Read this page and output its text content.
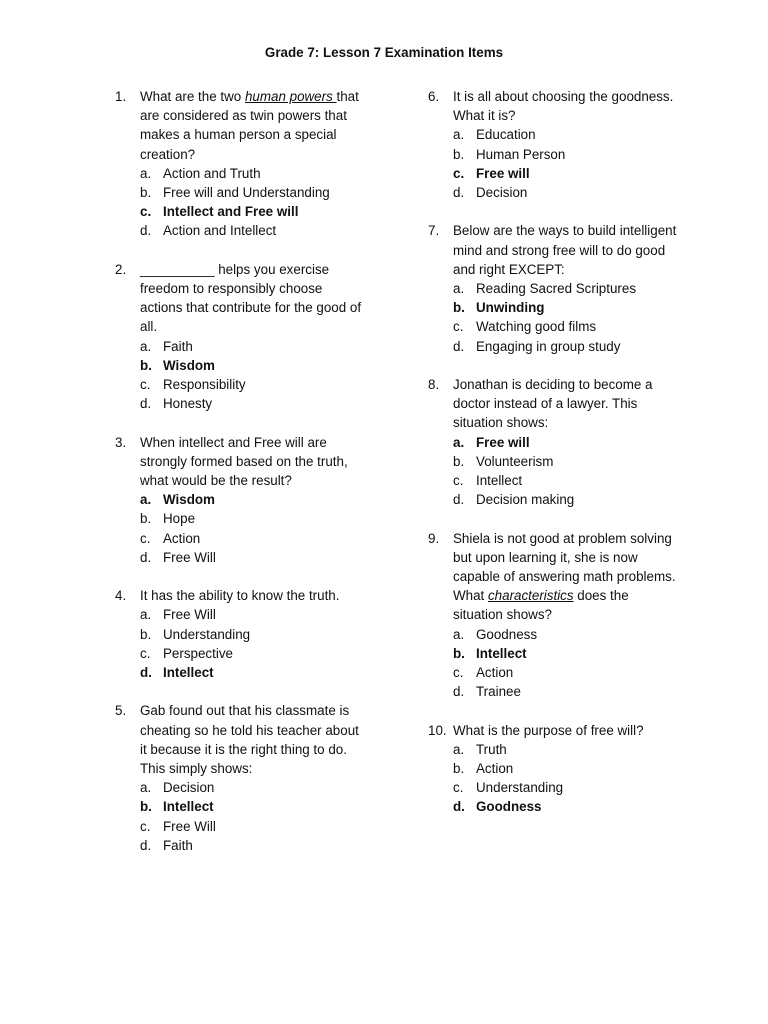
Grade 7: Lesson 7 Examination Items
1.	What are the two human powers that are considered as twin powers that makes a human person a special creation?
a. Action and Truth
b. Free will and Understanding
c. Intellect and Free will
d. Action and Intellect
2.	__________ helps you exercise freedom to responsibly choose actions that contribute for the good of all.
a. Faith
b. Wisdom
c. Responsibility
d. Honesty
3.	When intellect and Free will are strongly formed based on the truth, what would be the result?
a. Wisdom
b. Hope
c. Action
d. Free Will
4.	It has the ability to know the truth.
a. Free Will
b. Understanding
c. Perspective
d. Intellect
5.	Gab found out that his classmate is cheating so he told his teacher about it because it is the right thing to do. This simply shows:
a. Decision
b. Intellect
c. Free Will
d. Faith
6.	It is all about choosing the goodness. What it is?
a. Education
b. Human Person
c. Free will
d. Decision
7.	Below are the ways to build intelligent mind and strong free will to do good and right EXCEPT:
a. Reading Sacred Scriptures
b. Unwinding
c. Watching good films
d. Engaging in group study
8.	Jonathan is deciding to become a doctor instead of a lawyer. This situation shows:
a. Free will
b. Volunteerism
c. Intellect
d. Decision making
9.	Shiela is not good at problem solving but upon learning it, she is now capable of answering math problems. What characteristics does the situation shows?
a. Goodness
b. Intellect
c. Action
d. Trainee
10. What is the purpose of free will?
a. Truth
b. Action
c. Understanding
d. Goodness
